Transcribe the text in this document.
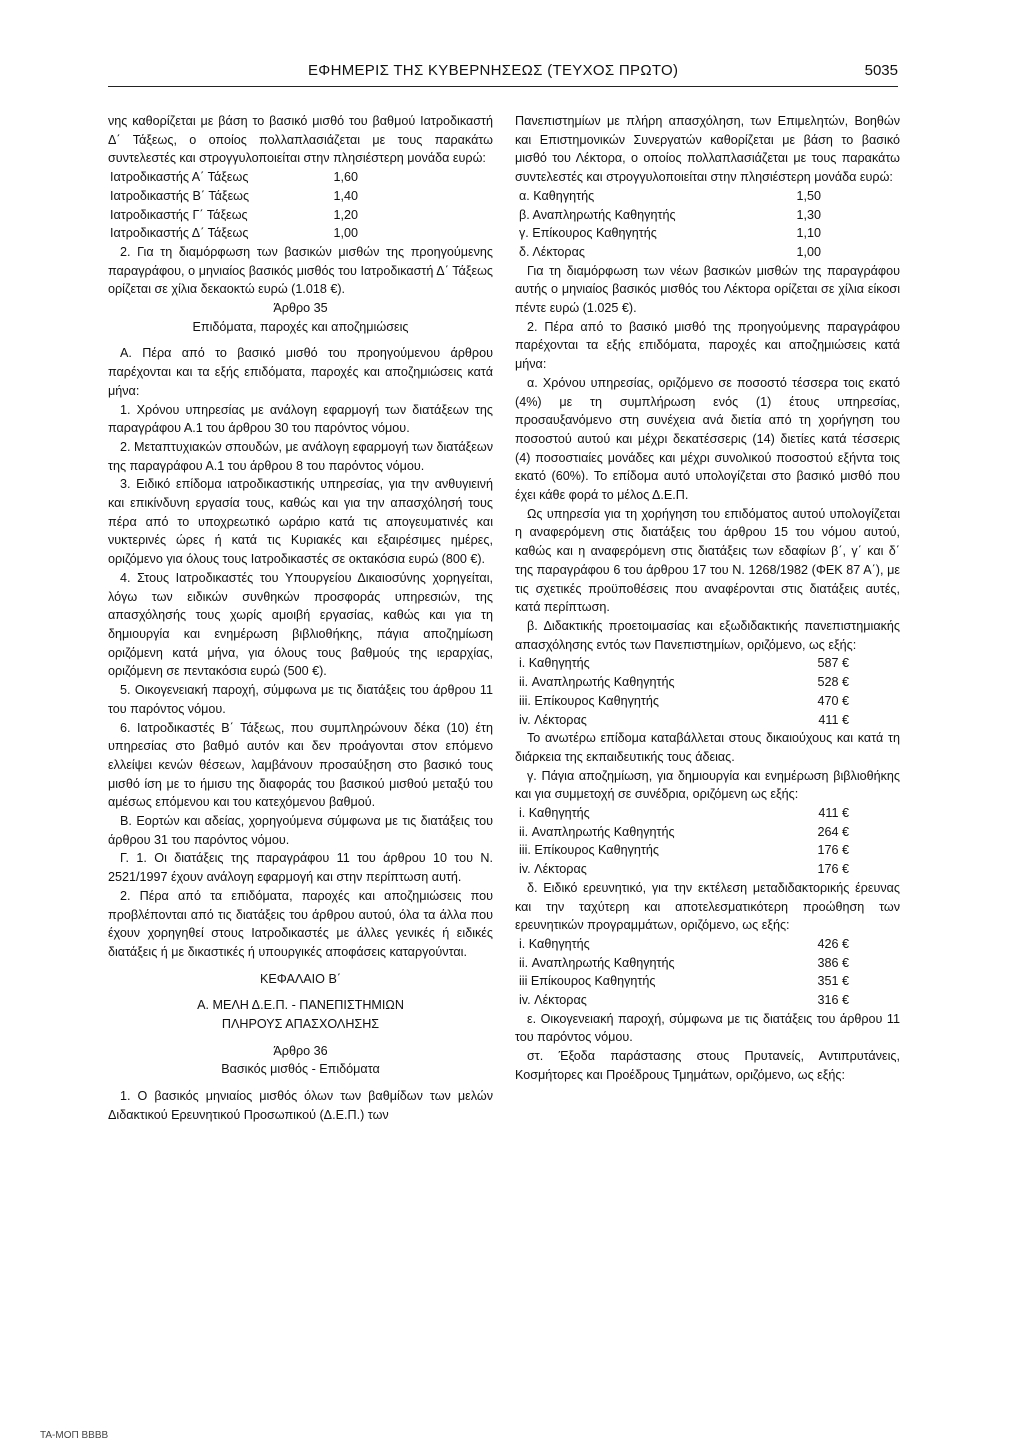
ΕΦΗΜΕΡΙΣ ΤΗΣ ΚΥΒΕΡΝΗΣΕΩΣ (ΤΕΥΧΟΣ ΠΡΩΤΟ)	5035

νης καθορίζεται με βάση το βασικό μισθό του βαθμού Ιατροδικαστή Δ΄ Τάξεως, ο οποίος πολλαπλασιάζεται με τους παρακάτω συντελεστές και στρογγυλοποιείται στην πλησιέστερη μονάδα ευρώ:

Ιατροδικαστής Α΄ Τάξεως	1,60
Ιατροδικαστής Β΄ Τάξεως	1,40
Ιατροδικαστής Γ΄ Τάξεως	1,20
Ιατροδικαστής Δ΄ Τάξεως	1,00

2. Για τη διαμόρφωση των βασικών μισθών της προηγούμενης παραγράφου, ο μηνιαίος βασικός μισθός του Ιατροδικαστή Δ΄ Τάξεως ορίζεται σε χίλια δεκαοκτώ ευρώ (1.018 €).

Άρθρο 35

Επιδόματα, παροχές και αποζημιώσεις

Α. Πέρα από το βασικό μισθό του προηγούμενου άρθρου παρέχονται και τα εξής επιδόματα, παροχές και αποζημιώσεις κατά μήνα:

1. Χρόνου υπηρεσίας με ανάλογη εφαρμογή των διατάξεων της παραγράφου Α.1 του άρθρου 30 του παρόντος νόμου.

2. Μεταπτυχιακών σπουδών, με ανάλογη εφαρμογή των διατάξεων της παραγράφου Α.1 του άρθρου 8 του παρόντος νόμου.

3. Ειδικό επίδομα ιατροδικαστικής υπηρεσίας, για την ανθυγιεινή και επικίνδυνη εργασία τους, καθώς και για την απασχόλησή τους πέρα από το υποχρεωτικό ωράριο κατά τις απογευματινές και νυκτερινές ώρες ή κατά τις Κυριακές και εξαιρέσιμες ημέρες, οριζόμενο για όλους τους Ιατροδικαστές σε οκτακόσια ευρώ (800 €).

4. Στους Ιατροδικαστές του Υπουργείου Δικαιοσύνης χορηγείται, λόγω των ειδικών συνθηκών προσφοράς υπηρεσιών, της απασχόλησής τους χωρίς αμοιβή εργασίας, καθώς και για τη δημιουργία και ενημέρωση βιβλιοθήκης, πάγια αποζημίωση οριζόμενη κατά μήνα, για όλους τους βαθμούς της ιεραρχίας, οριζόμενη σε πεντακόσια ευρώ (500 €).

5. Οικογενειακή παροχή, σύμφωνα με τις διατάξεις του άρθρου 11 του παρόντος νόμου.

6. Ιατροδικαστές Β΄ Τάξεως, που συμπληρώνουν δέκα (10) έτη υπηρεσίας στο βαθμό αυτόν και δεν προάγονται στον επόμενο ελλείψει κενών θέσεων, λαμβάνουν προσαύξηση στο βασικό τους μισθό ίση με το ήμισυ της διαφοράς του βασικού μισθού μεταξύ του αμέσως επόμενου και του κατεχόμενου βαθμού.

Β. Εορτών και αδείας, χορηγούμενα σύμφωνα με τις διατάξεις του άρθρου 31 του παρόντος νόμου.

Γ. 1. Οι διατάξεις της παραγράφου 11 του άρθρου 10 του Ν. 2521/1997 έχουν ανάλογη εφαρμογή και στην περίπτωση αυτή.

2. Πέρα από τα επιδόματα, παροχές και αποζημιώσεις που προβλέπονται από τις διατάξεις του άρθρου αυτού, όλα τα άλλα που έχουν χορηγηθεί στους Ιατροδικαστές με άλλες γενικές ή ειδικές διατάξεις ή με δικαστικές ή υπουργικές αποφάσεις καταργούνται.

ΚΕΦΑΛΑΙΟ Β΄

Α. ΜΕΛΗ Δ.Ε.Π. - ΠΑΝΕΠΙΣΤΗΜΙΩΝ

ΠΛΗΡΟΥΣ ΑΠΑΣΧΟΛΗΣΗΣ

Άρθρο 36

Βασικός μισθός - Επιδόματα

1. Ο βασικός μηνιαίος μισθός όλων των βαθμίδων των μελών Διδακτικού Ερευνητικού Προσωπικού (Δ.Ε.Π.) των

Πανεπιστημίων με πλήρη απασχόληση, των Επιμελητών, Βοηθών και Επιστημονικών Συνεργατών καθορίζεται με βάση το βασικό μισθό του Λέκτορα, ο οποίος πολλαπλασιάζεται με τους παρακάτω συντελεστές και στρογγυλοποιείται στην πλησιέστερη μονάδα ευρώ:

α. Καθηγητής	1,50
β. Αναπληρωτής Καθηγητής	1,30
γ. Επίκουρος Καθηγητής	1,10
δ. Λέκτορας	1,00

Για τη διαμόρφωση των νέων βασικών μισθών της παραγράφου αυτής ο μηνιαίος βασικός μισθός του Λέκτορα ορίζεται σε χίλια είκοσι πέντε ευρώ (1.025 €).

2. Πέρα από το βασικό μισθό της προηγούμενης παραγράφου παρέχονται τα εξής επιδόματα, παροχές και αποζημιώσεις κατά μήνα:

α. Χρόνου υπηρεσίας, οριζόμενο σε ποσοστό τέσσερα τοις εκατό (4%) με τη συμπλήρωση ενός (1) έτους υπηρεσίας, προσαυξανόμενο στη συνέχεια ανά διετία από τη χορήγηση του ποσοστού αυτού και μέχρι δεκατέσσερις (14) διετίες κατά τέσσερις (4) ποσοστιαίες μονάδες και μέχρι συνολικού ποσοστού εξήντα τοις εκατό (60%). Το επίδομα αυτό υπολογίζεται στο βασικό μισθό που έχει κάθε φορά το μέλος Δ.Ε.Π.

Ως υπηρεσία για τη χορήγηση του επιδόματος αυτού υπολογίζεται η αναφερόμενη στις διατάξεις του άρθρου 15 του νόμου αυτού, καθώς και η αναφερόμενη στις διατάξεις των εδαφίων β΄, γ΄ και δ΄ της παραγράφου 6 του άρθρου 17 του Ν. 1268/1982 (ΦΕΚ 87 Α΄), με τις σχετικές προϋποθέσεις που αναφέρονται στις διατάξεις αυτές, κατά περίπτωση.

β. Διδακτικής προετοιμασίας και εξωδιδακτικής πανεπιστημιακής απασχόλησης εντός των Πανεπιστημίων, οριζόμενο, ως εξής:

i. Καθηγητής	587 €
ii. Αναπληρωτής Καθηγητής	528 €
iii. Επίκουρος Καθηγητής	470 €
iv. Λέκτορας	411 €

Το ανωτέρω επίδομα καταβάλλεται στους δικαιούχους και κατά τη διάρκεια της εκπαιδευτικής τους άδειας.

γ. Πάγια αποζημίωση, για δημιουργία και ενημέρωση βιβλιοθήκης και για συμμετοχή σε συνέδρια, οριζόμενη ως εξής:

i. Καθηγητής	411 €
ii. Αναπληρωτής Καθηγητής	264 €
iii. Επίκουρος Καθηγητής	176 €
iv. Λέκτορας	176 €

δ. Ειδικό ερευνητικό, για την εκτέλεση μεταδιδακτορικής έρευνας και την ταχύτερη και αποτελεσματικότερη προώθηση των ερευνητικών προγραμμάτων, οριζόμενο, ως εξής:

i. Καθηγητής	426 €
ii. Αναπληρωτής Καθηγητής	386 €
iii Επίκουρος Καθηγητής	351 €
iv. Λέκτορας	316 €

ε. Οικογενειακή παροχή, σύμφωνα με τις διατάξεις του άρθρου 11 του παρόντος νόμου.

στ. Έξοδα παράστασης στους Πρυτανείς, Αντιπρυτάνεις, Κοσμήτορες και Προέδρους Τμημάτων, οριζόμενο, ως εξής:

ΤΑ-ΜΟΠ ΒΒΒΒ
